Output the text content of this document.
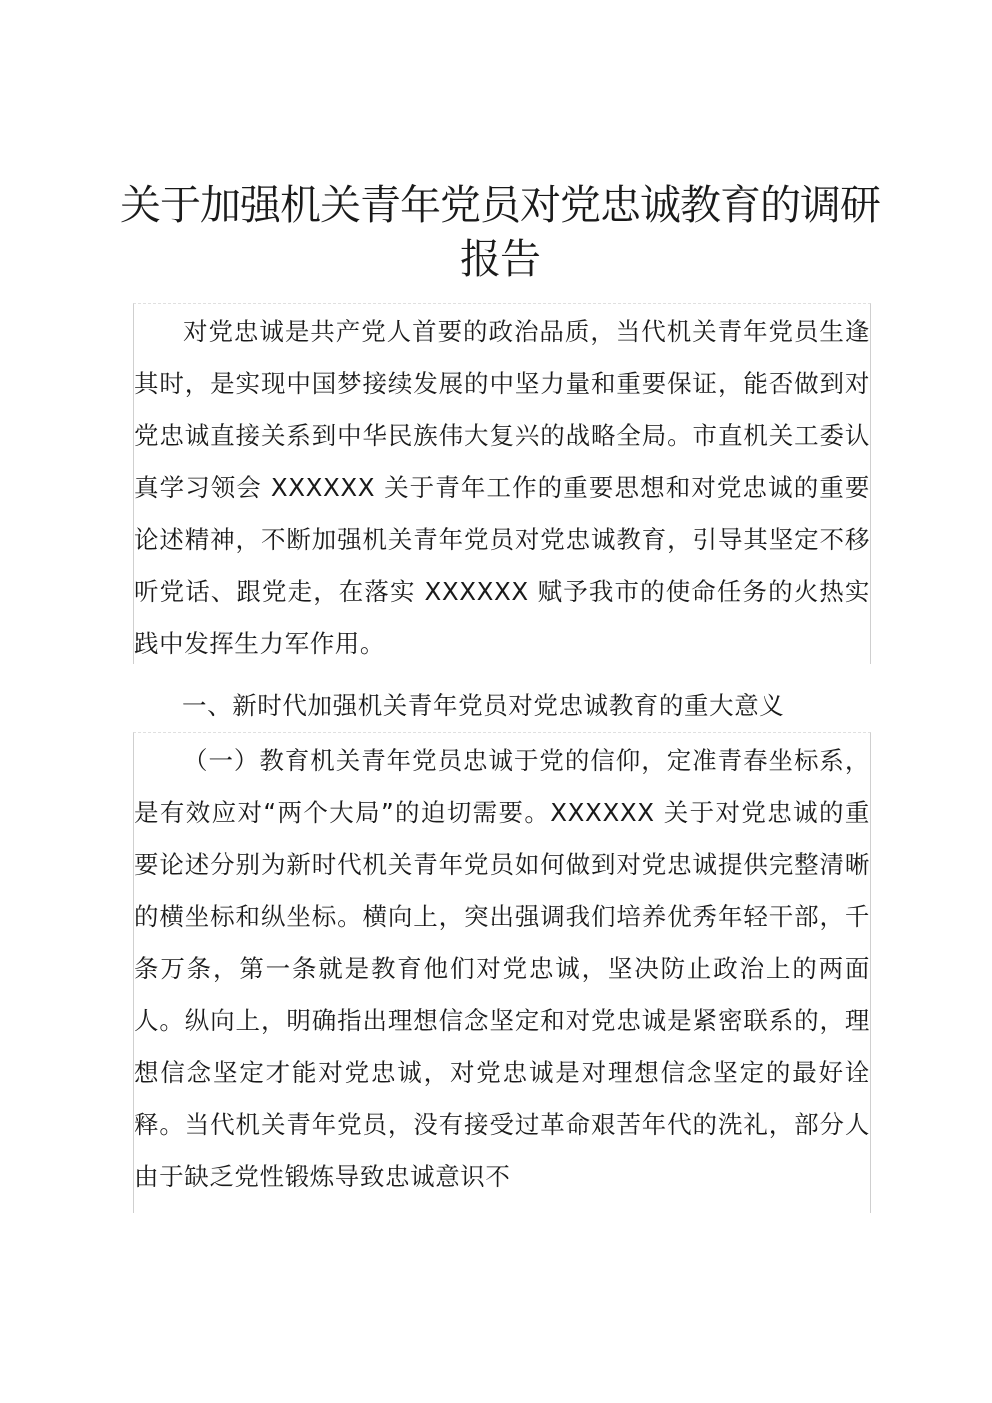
关于加强机关青年党员对党忠诚教育的调研报告

对党忠诚是共产党人首要的政治品质，当代机关青年党员生逢其时，是实现中国梦接续发展的中坚力量和重要保证，能否做到对党忠诚直接关系到中华民族伟大复兴的战略全局。市直机关工委认真学习领会 XXXXXX 关于青年工作的重要思想和对党忠诚的重要论述精神，不断加强机关青年党员对党忠诚教育，引导其坚定不移听党话、跟党走，在落实 XXXXXX 赋予我市的使命任务的火热实践中发挥生力军作用。

一、新时代加强机关青年党员对党忠诚教育的重大意义

（一）教育机关青年党员忠诚于党的信仰，定准青春坐标系，是有效应对“两个大局”的迫切需要。XXXXXX 关于对党忠诚的重要论述分别为新时代机关青年党员如何做到对党忠诚提供完整清晰的横坐标和纵坐标。横向上，突出强调我们培养优秀年轻干部，千条万条，第一条就是教育他们对党忠诚，坚决防止政治上的两面人。纵向上，明确指出理想信念坚定和对党忠诚是紧密联系的，理想信念坚定才能对党忠诚，对党忠诚是对理想信念坚定的最好诠释。当代机关青年党员，没有接受过革命艰苦年代的洗礼，部分人由于缺乏党性锻炼导致忠诚意识不
